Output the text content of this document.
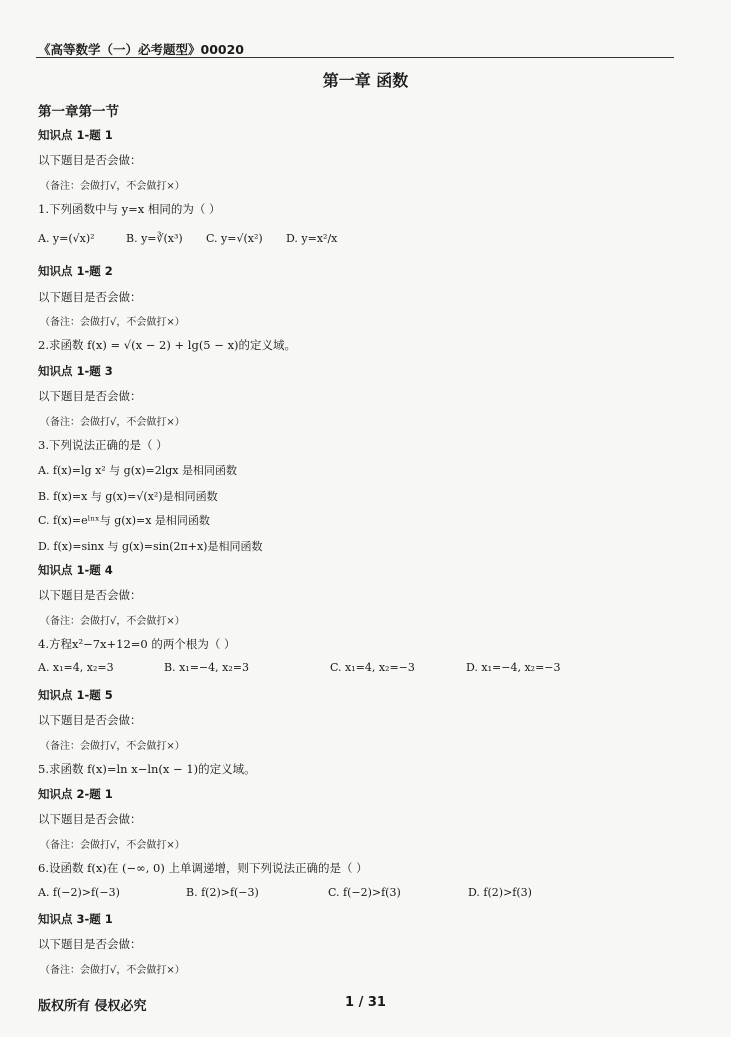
《高等数学（一）必考题型》00020
第一章 函数
第一章第一节
知识点 1-题 1
以下题目是否会做：
（备注：会做打√，不会做打×）
1.下列函数中与 y=x 相同的为（ ）
A. y=(√x)²	B. y=∛(x³) C. y=√(x²) D. y=x²/x
知识点 1-题 2
以下题目是否会做：
（备注：会做打√，不会做打×）
2.求函数 f(x) = √(x − 2) + lg(5 − x)的定义域。
知识点 1-题 3
以下题目是否会做：
（备注：会做打√，不会做打×）
3.下列说法正确的是（ ）
A. f(x)=lg x² 与 g(x)=2lgx 是相同函数
B. f(x)=x 与 g(x)=√(x²)是相同函数
C. f(x)=eˡⁿˣ与 g(x)=x 是相同函数
D. f(x)=sinx 与 g(x)=sin(2π+x)是相同函数
知识点 1-题 4
以下题目是否会做：
（备注：会做打√，不会做打×）
4.方程x²−7x+12=0 的两个根为（ ）
A. x₁=4, x₂=3	B. x₁=−4, x₂=3	C. x₁=4, x₂=−3	D. x₁=−4, x₂=−3
知识点 1-题 5
以下题目是否会做：
（备注：会做打√，不会做打×）
5.求函数 f(x)=ln x−ln(x − 1)的定义域。
知识点 2-题 1
以下题目是否会做：
（备注：会做打√，不会做打×）
6.设函数 f(x)在 (−∞, 0) 上单调递增，则下列说法正确的是（ ）
A. f(−2)>f(−3)	B. f(2)>f(−3)	C. f(−2)>f(3)	D. f(2)>f(3)
知识点 3-题 1
以下题目是否会做：
（备注：会做打√，不会做打×）
版权所有 侵权必究	1 / 31
